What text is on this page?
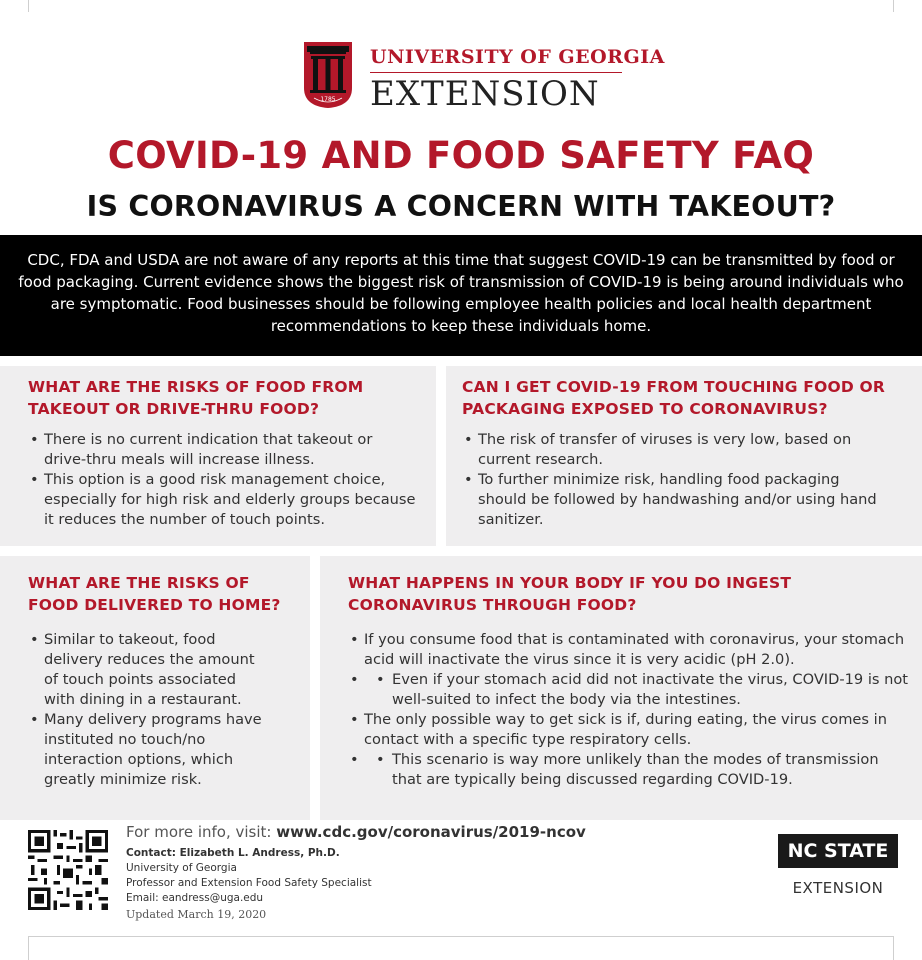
1785
UNIVERSITY OF GEORGIA
EXTENSION
COVID-19 AND FOOD SAFETY FAQ
IS CORONAVIRUS A CONCERN WITH TAKEOUT?

CDC, FDA and USDA are not aware of any reports at this time that suggest COVID-19 can be transmitted by food or food packaging. Current evidence shows the biggest risk of transmission of COVID-19 is being around individuals who are symptomatic. Food businesses should be following employee health policies and local health department recommendations to keep these individuals home.

WHAT ARE THE RISKS OF FOOD FROM TAKEOUT OR DRIVE-THRU FOOD?
• There is no current indication that takeout or drive-thru meals will increase illness.
• This option is a good risk management choice, especially for high risk and elderly groups because it reduces the number of touch points.
CAN I GET COVID-19 FROM TOUCHING FOOD OR PACKAGING EXPOSED TO CORONAVIRUS?
• The risk of transfer of viruses is very low, based on current research.
• To further minimize risk, handling food packaging should be followed by handwashing and/or using hand sanitizer.
WHAT ARE THE RISKS OF FOOD DELIVERED TO HOME?
• Similar to takeout, food delivery reduces the amount of touch points associated with dining in a restaurant.
• Many delivery programs have instituted no touch/no interaction options, which greatly minimize risk.
WHAT HAPPENS IN YOUR BODY IF YOU DO INGEST CORONAVIRUS THROUGH FOOD?
• If you consume food that is contaminated with coronavirus, your stomach acid will inactivate the virus since it is very acidic (pH 2.0).
• • Even if your stomach acid did not inactivate the virus, COVID-19 is not well-suited to infect the body via the intestines.
• The only possible way to get sick is if, during eating, the virus comes in contact with a specific type respiratory cells.
• • This scenario is way more unlikely than the modes of transmission that are typically being discussed regarding COVID-19.
For more info, visit: www.cdc.gov/coronavirus/2019-ncov
Contact: Elizabeth L. Andress, Ph.D.
University of Georgia
Professor and Extension Food Safety Specialist
Email: eandress@uga.edu
Updated March 19, 2020
NC STATE
EXTENSION
